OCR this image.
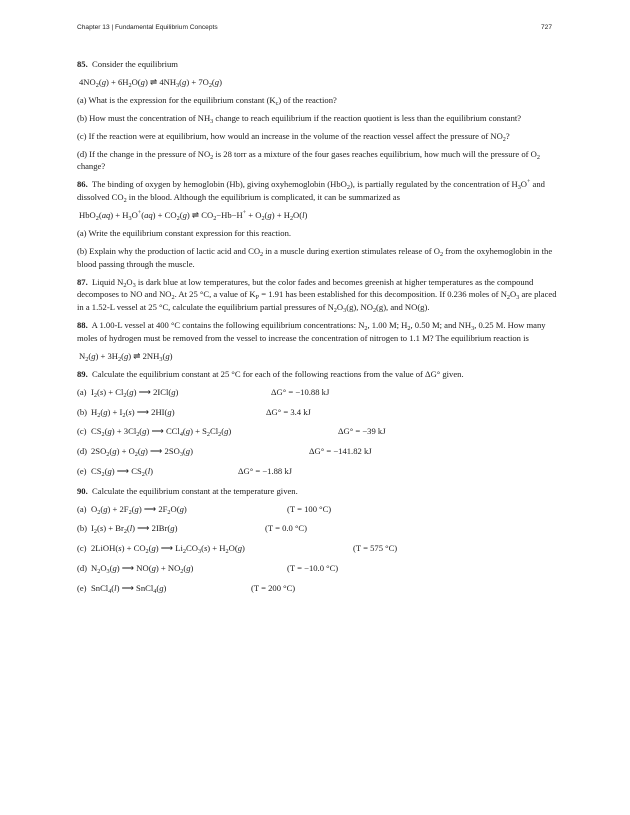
Chapter 13 | Fundamental Equilibrium Concepts	727
85. Consider the equilibrium
$4NO_2(g) + 6H_2O(g)$ ⇌ $4NH_3(g) + 7O_2(g)$
(a) What is the expression for the equilibrium constant $(K_c)$ of the reaction?
(b) How must the concentration of $NH_3$ change to reach equilibrium if the reaction quotient is less than the equilibrium constant?
(c) If the reaction were at equilibrium, how would an increase in the volume of the reaction vessel affect the pressure of $NO_2$?
(d) If the change in the pressure of $NO_2$ is 28 torr as a mixture of the four gases reaches equilibrium, how much will the pressure of $O_2$ change?
86. The binding of oxygen by hemoglobin (Hb), giving oxyhemoglobin (HbO$_2$), is partially regulated by the concentration of $H_3O^+$ and dissolved $CO_2$ in the blood. Although the equilibrium is complicated, it can be summarized as
$HbO_2(aq) + H_3O^+(aq) + CO_2(g)$ ⇌ $CO_2-Hb-H^+ + O_2(g) + H_2O(l)$
(a) Write the equilibrium constant expression for this reaction.
(b) Explain why the production of lactic acid and $CO_2$ in a muscle during exertion stimulates release of $O_2$ from the oxyhemoglobin in the blood passing through the muscle.
87. Liquid $N_2O_3$ is dark blue at low temperatures, but the color fades and becomes greenish at higher temperatures as the compound decomposes to NO and $NO_2$. At 25 °C, a value of $K_P = 1.91$ has been established for this decomposition. If 0.236 moles of $N_2O_3$ are placed in a 1.52-L vessel at 25 °C, calculate the equilibrium partial pressures of $N_2O_3(g)$, $NO_2(g)$, and NO(g).
88. A 1.00-L vessel at 400 °C contains the following equilibrium concentrations: $N_2$, 1.00 M; $H_2$, 0.50 M; and $NH_3$, 0.25 M. How many moles of hydrogen must be removed from the vessel to increase the concentration of nitrogen to 1.1 M? The equilibrium reaction is
$N_2(g) + 3H_2(g)$ ⇌ $2NH_3(g)$
89. Calculate the equilibrium constant at 25 °C for each of the following reactions from the value of ΔG° given.
(a) $I_2(s) + Cl_2(g)$ ⟶ 2ICl(g)	ΔG° = −10.88 kJ
(b) $H_2(g) + I_2(s)$ ⟶ 2HI(g)	ΔG° = 3.4 kJ
(c) $CS_2(g) + 3Cl_2(g)$ ⟶ $CCl_4(g) + S_2Cl_2(g)$	ΔG° = −39 kJ
(d) $2SO_2(g) + O_2(g)$ ⟶ $2SO_3(g)$	ΔG° = −141.82 kJ
(e) $CS_2(g)$ ⟶ $CS_2(l)$	ΔG° = −1.88 kJ
90. Calculate the equilibrium constant at the temperature given.
(a) $O_2(g) + 2F_2(g)$ ⟶ $2F_2O(g)$	(T = 100 °C)
(b) $I_2(s) + Br_2(l)$ ⟶ 2IBr(g)	(T = 0.0 °C)
(c) 2LiOH(s) + $CO_2(g)$ ⟶ $Li_2CO_3(s) + H_2O(g)$	(T = 575 °C)
(d) $N_2O_3(g)$ ⟶ $NO(g) + NO_2(g)$	(T = −10.0 °C)
(e) SnCl$_4$(l) ⟶ SnCl$_4$(g)	(T = 200 °C)
